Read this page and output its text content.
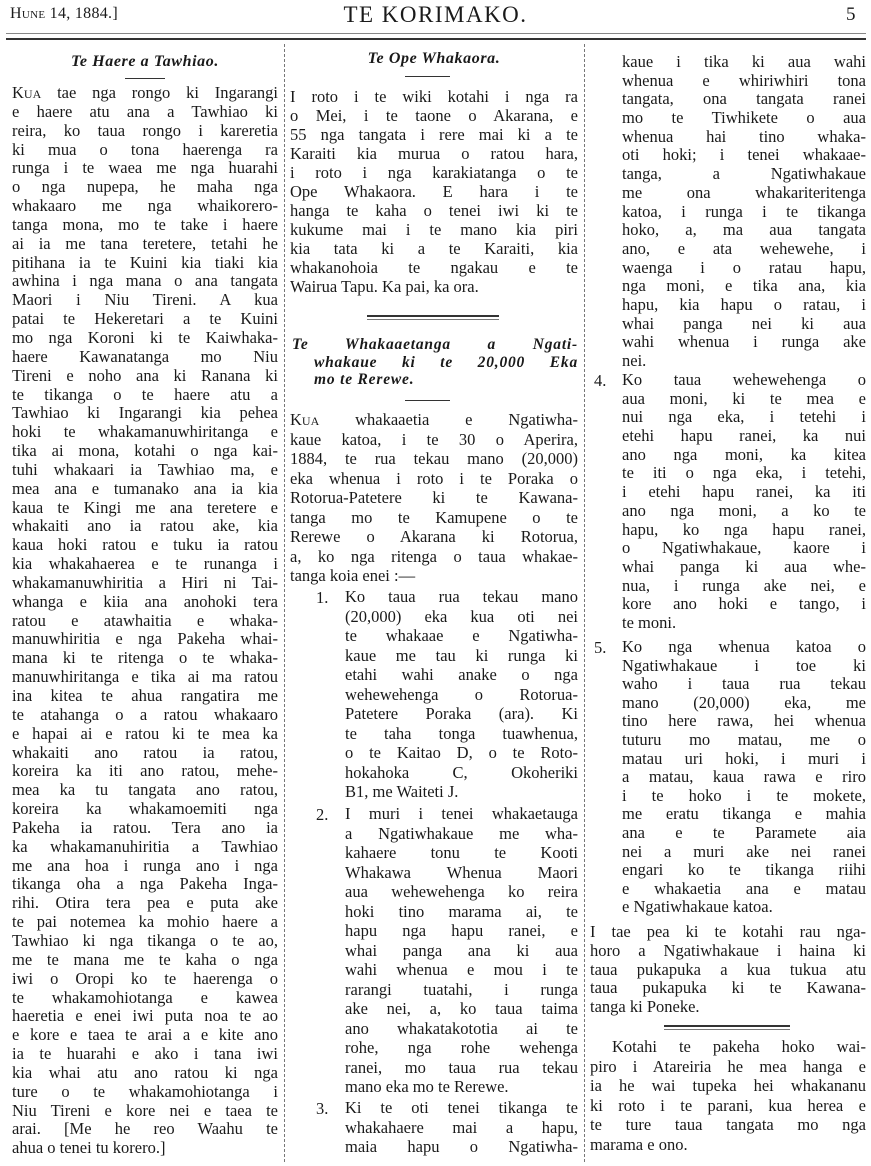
Hune 14, 1884.]	TE KORIMAKO.	5
Te Haere a Tawhiao.
Kua tae nga rongo ki Ingarangi
e haere atu ana a Tawhiao ki
reira, ko taua rongo i kareretia
ki mua o tona haerenga ra
runga i te waea me nga huarahi
o nga nupepa, he maha nga
whakaaro me nga whaikorero-
tanga mona, mo te take i haere
ai ia me tana teretere, tetahi he
pitihana ia te Kuini kia tiaki kia
awhina i nga mana o ana tangata
Maori i Niu Tireni. A kua
patai te Hekeretari a te Kuini
mo nga Koroni ki te Kaiwhaka-
haere Kawanatanga mo Niu
Tireni e noho ana ki Ranana ki
te tikanga o te haere atu a
Tawhiao ki Ingarangi kia pehea
hoki te whakamanuwhiritanga e
tika ai mona, kotahi o nga kai-
tuhi whakaari ia Tawhiao ma, e
mea ana e tumanako ana ia kia
kaua te Kingi me ana teretere e
whakaiti ano ia ratou ake, kia
kaua hoki ratou e tuku ia ratou
kia whakahaerea e te runanga i
whakamanuwhiritia a Hiri ni Tai-
whanga e kiia ana anohoki tera
ratou e atawhaitia e whaka-
manuwhiritia e nga Pakeha whai-
mana ki te ritenga o te whaka-
manuwhiritanga e tika ai ma ratou
ina kitea te ahua rangatira me
te atahanga o a ratou whakaaro
e hapai ai e ratou ki te mea ka
whakaiti ano ratou ia ratou,
koreira ka iti ano ratou, mehe-
mea ka tu tangata ano ratou,
koreira ka whakamoemiti nga
Pakeha ia ratou. Tera ano ia
ka whakamanuhiritia a Tawhiao
me ana hoa i runga ano i nga
tikanga oha a nga Pakeha Inga-
rihi. Otira tera pea e puta ake
te pai notemea ka mohio haere a
Tawhiao ki nga tikanga o te ao,
me te mana me te kaha o nga
iwi o Oropi ko te haerenga o
te whakamohiotanga e kawea
haeretia e enei iwi puta noa te ao
e kore e taea te arai a e kite ano
ia te huarahi e ako i tana iwi
kia whai atu ano ratou ki nga
ture o te whakamohiotanga i
Niu Tireni e kore nei e taea te
arai. [Me he reo Waahu te
ahua o tenei tu korero.]
Te Ope Whakaora.
I roto i te wiki kotahi i nga ra
o Mei, i te taone o Akarana, e
55 nga tangata i rere mai ki a te
Karaiti kia murua o ratou hara,
i roto i nga karakiatanga o te
Ope Whakaora. E hara i te
hanga te kaha o tenei iwi ki te
kukume mai i te mano kia piri
kia tata ki a te Karaiti, kia
whakanohoia te ngakau e te
Wairua Tapu. Ka pai, ka ora.
Te Whakaaetanga a Ngati-
whakaue ki te 20,000 Eka
mo te Rerewe.
Kua whakaaetia e Ngatiwha-
kaue katoa, i te 30 o Aperira,
1884, te rua tekau mano (20,000)
eka whenua i roto i te Poraka o
Rotorua-Patetere ki te Kawana-
tanga mo te Kamupene o te
Rerewe o Akarana ki Rotorua,
a, ko nga ritenga o taua whakae-
tanga koia enei :—
1. Ko taua rua tekau mano
(20,000) eka kua oti nei
te whakaae e Ngatiwha-
kaue me tau ki runga ki
etahi wahi anake o nga
wehewehenga o Rotorua-
Patetere Poraka (ara). Ki
te taha tonga tuawhenua,
o te Kaitao D, o te Roto-
hokahoka C, Okoheriki
B1, me Waiteti J.
2. I muri i tenei whakaetauga
a Ngatiwhakaue me wha-
kahaere tonu te Kooti
Whakawa Whenua Maori
aua wehewehenga ko reira
hoki tino marama ai, te
hapu nga hapu ranei, e
whai panga ana ki aua
wahi whenua e mou i te
rarangi tuatahi, i runga
ake nei, a, ko taua taima
ano whakatakototia ai te
rohe, nga rohe wehenga
ranei, mo taua rua tekau
mano eka mo te Rerewe.
3. Ki te oti tenei tikanga te
whakahaere mai a hapu,
maia hapu o Ngatiwha-
kaue i tika ki aua wahi
whenua e whiriwhiri tona
tangata, ona tangata ranei
mo te Tiwhikete o aua
whenua hai tino whaka-
oti hoki; i tenei whakaae-
tanga, a Ngatiwhakaue
me ona whakariteritenga
katoa, i runga i te tikanga
hoko, a, ma aua tangata
ano, e ata wehewehe, i
waenga i o ratau hapu,
nga moni, e tika ana, kia
hapu, kia hapu o ratau, i
whai panga nei ki aua
wahi whenua i runga ake
nei.
4. Ko taua wehewehenga o
aua moni, ki te mea e
nui nga eka, i tetehi i
etehi hapu ranei, ka nui
ano nga moni, ka kitea
te iti o nga eka, i tetehi,
i etehi hapu ranei, ka iti
ano nga moni, a ko te
hapu, ko nga hapu ranei,
o Ngatiwhakaue, kaore i
whai panga ki aua whe-
nua, i runga ake nei, e
kore ano hoki e tango, i
te moni.
5. Ko nga whenua katoa o
Ngatiwhakaue i toe ki
waho i taua rua tekau
mano (20,000) eka, me
tino here rawa, hei whenua
tuturu mo matau, me o
matau uri hoki, i muri i
a matau, kaua rawa e riro
i te hoko i te mokete,
me eratu tikanga e mahia
ana e te Paramete aia
nei a muri ake nei ranei
engari ko te tikanga riihi
e whakaetia ana e matau
e Ngatiwhakaue katoa.
I tae pea ki te kotahi rau nga-
horo a Ngatiwhakaue i haina ki
taua pukapuka a kua tukua atu
taua pukapuka ki te Kawana-
tanga ki Poneke.
Kotahi te pakeha hoko wai-
piro i Atareiria he mea hanga e
ia he wai tupeka hei whakananu
ki roto i te parani, kua herea e
te ture taua tangata mo nga
marama e ono.
